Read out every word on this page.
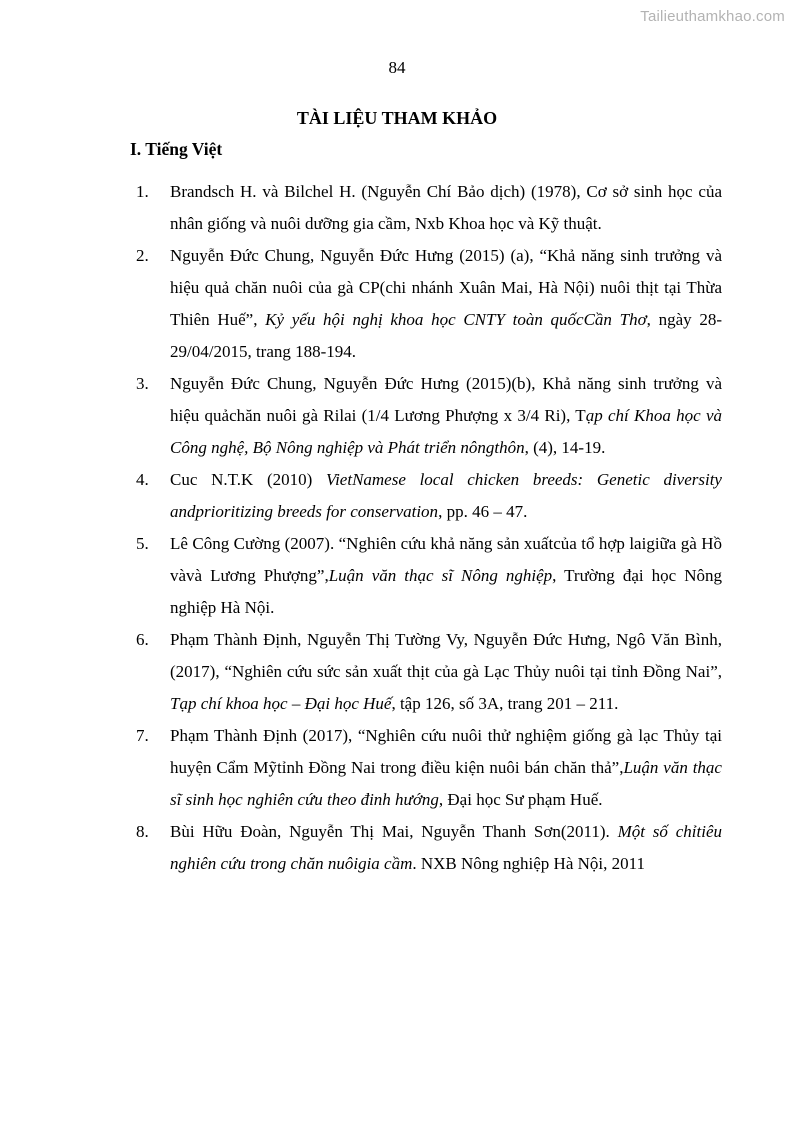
Tailieuthamkhao.com
84
TÀI LIỆU THAM KHẢO
I. Tiếng Việt
1.	Brandsch H. và Bilchel H. (Nguyễn Chí Bảo dịch) (1978), Cơ sở sinh học của nhân giống và nuôi dưỡng gia cầm, Nxb Khoa học và Kỹ thuật.
2.	Nguyễn Đức Chung, Nguyễn Đức Hưng (2015) (a), “Khả năng sinh trưởng và hiệu quả chăn nuôi của gà CP(chi nhánh Xuân Mai, Hà Nội) nuôi thịt tại Thừa Thiên Huế”, Kỷ yếu hội nghị khoa học CNTY toàn quốcCần Thơ, ngày 28-29/04/2015, trang 188-194.
3.	Nguyễn Đức Chung, Nguyễn Đức Hưng (2015)(b), Khả năng sinh trưởng và hiệu quảchăn nuôi gà Rilai (1/4 Lương Phượng x 3/4 Ri), Tạp chí Khoa học và Công nghệ, Bộ Nông nghiệp và Phát triển nôngthôn, (4), 14-19.
4.	Cuc N.T.K (2010) VietNamese local chicken breeds: Genetic diversity andprioritizing breeds for conservation, pp. 46 – 47.
5.	Lê Công Cường (2007). “Nghiên cứu khả năng sản xuấtcủa tổ hợp laigiữa gà Hồ vàvà Lương Phượng”,Luận văn thạc sĩ Nông nghiệp, Trường đại học Nông nghiệp Hà Nội.
6.	Phạm Thành Định, Nguyễn Thị Tường Vy, Nguyễn Đức Hưng, Ngô Văn Bình, (2017), “Nghiên cứu sức sản xuất thịt của gà Lạc Thủy nuôi tại tỉnh Đồng Nai”, Tạp chí khoa học – Đại học Huế, tập 126, số 3A, trang 201 – 211.
7.	Phạm Thành Định (2017), “Nghiên cứu nuôi thử nghiệm giống gà lạc Thủy tại huyện Cẩm Mỹtỉnh Đồng Nai trong điều kiện nuôi bán chăn thả”,Luận văn thạc sĩ sinh học nghiên cứu theo đinh hướng, Đại học Sư phạm Huế.
8.	Bùi Hữu Đoàn, Nguyễn Thị Mai, Nguyễn Thanh Sơn(2011). Một số chỉtiêu nghiên cứu trong chăn nuôigia cầm. NXB Nông nghiệp Hà Nội, 2011
